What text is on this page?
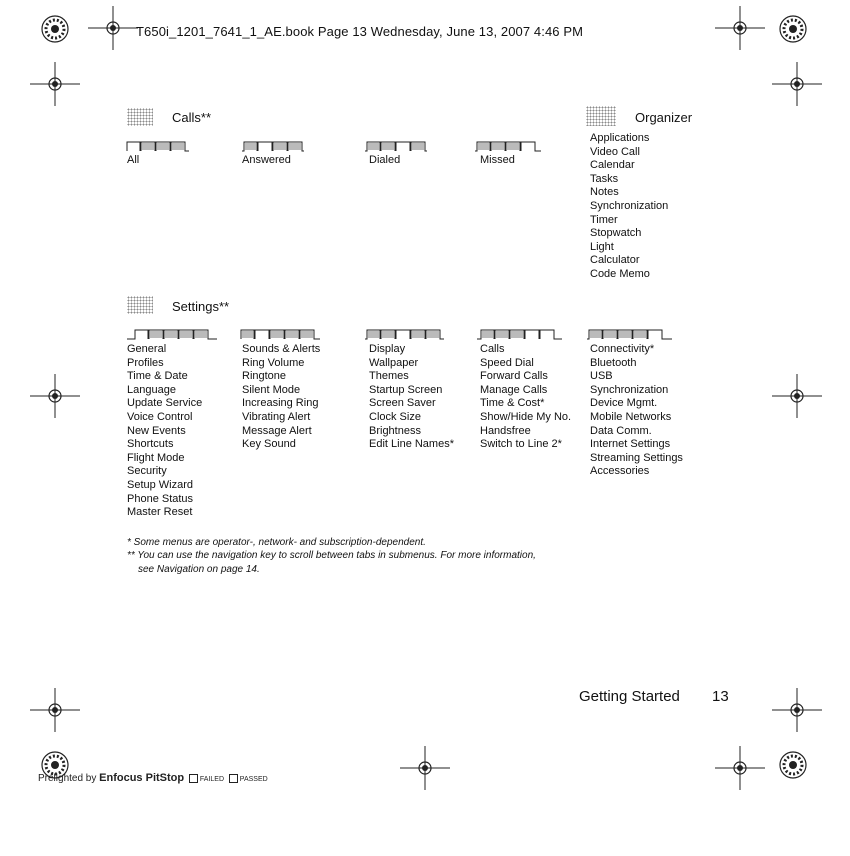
T650i_1201_7641_1_AE.book Page 13 Wednesday, June 13, 2007 4:46 PM
Calls**
All	Answered	Dialed	Missed
Organizer
Applications
Video Call
Calendar
Tasks
Notes
Synchronization
Timer
Stopwatch
Light
Calculator
Code Memo
Settings**
General
Profiles
Time & Date
Language
Update Service
Voice Control
New Events
Shortcuts
Flight Mode
Security
Setup Wizard
Phone Status
Master Reset
Sounds & Alerts
Ring Volume
Ringtone
Silent Mode
Increasing Ring
Vibrating Alert
Message Alert
Key Sound
Display
Wallpaper
Themes
Startup Screen
Screen Saver
Clock Size
Brightness
Edit Line Names*
Calls
Speed Dial
Forward Calls
Manage Calls
Time & Cost*
Show/Hide My No.
Handsfree
Switch to Line 2*
Connectivity*
Bluetooth
USB
Synchronization
Device Mgmt.
Mobile Networks
Data Comm.
Internet Settings
Streaming Settings
Accessories
* Some menus are operator-, network- and subscription-dependent.
** You can use the navigation key to scroll between tabs in submenus. For more information,
see Navigation on page 14.
Getting Started 13
Prelighted by Enfocus PitStop FAILED PASSED
